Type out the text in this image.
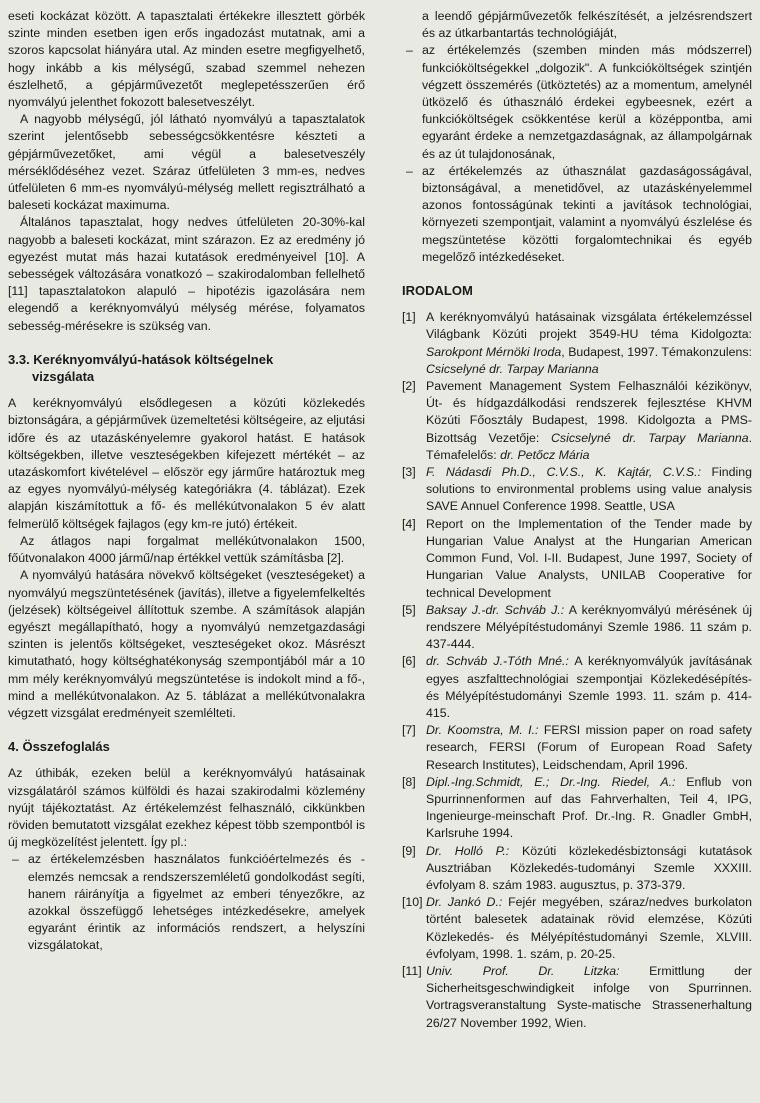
eseti kockázat között. A tapasztalati értékekre illesztett görbék szinte minden esetben igen erős ingadozást mutatnak, ami a szoros kapcsolat hiányára utal. Az minden esetre megfigyelhető, hogy inkább a kis mélységű, szabad szemmel nehezen észlelhető, a gépjárművezetőt meglepetésszerűen érő nyomvályú jelenthet fokozott balesetveszélyt.

A nagyobb mélységű, jól látható nyomvályú a tapasztalatok szerint jelentősebb sebességcsökkentésre készteti a gépjárművezetőket, ami végül a balesetveszély mérséklődéséhez vezet. Száraz útfelületen 3 mm-es, nedves útfelületen 6 mm-es nyomvályú-mélység mellett regisztrálható a baleseti kockázat maximuma.

Általános tapasztalat, hogy nedves útfelületen 20-30%-kal nagyobb a baleseti kockázat, mint szárazon. Ez az eredmény jó egyezést mutat más hazai kutatások eredményeivel [10]. A sebességek változására vonatkozó – szakirodalomban fellelhető [11] tapasztalatokon alapuló – hipotézis igazolására nem elegendő a keréknyomvályú mélység mérése, folyamatos sebesség-mérésekre is szükség van.

3.3. Keréknyomvályú-hatások költségelnek
vizsgálata

A keréknyomvályú elsődlegesen a közúti közlekedés biztonságára, a gépjárművek üzemeltetési költségeire, az eljutási időre és az utazáskényelemre gyakorol hatást. E hatások költségekben, illetve veszteségekben kifejezett mértékét – az utazáskomfort kivételével – először egy járműre határoztuk meg az egyes nyomvályú-mélység kategóriákra (4. táblázat). Ezek alapján kiszámítottuk a fő- és mellékútvonalakon 5 év alatt felmerülő költségek fajlagos (egy km-re jutó) értékeit.

Az átlagos napi forgalmat mellékútvonalakon 1500, főútvonalakon 4000 jármű/nap értékkel vettük számításba [2].

A nyomvályú hatására növekvő költségeket (veszteségeket) a nyomvályú megszüntetésének (javítás), illetve a figyelemfelkeltés (jelzések) költségeivel állítottuk szembe. A számítások alapján egyészt megállapítható, hogy a nyomvályú nemzetgazdasági szinten is jelentős költségeket, veszteségeket okoz. Másrészt kimutatható, hogy költséghatékonyság szempontjából már a 10 mm mély keréknyomvályú megszüntetése is indokolt mind a fő-, mind a mellékútvonalakon. Az 5. táblázat a mellékútvonalakra végzett vizsgálat eredményeit szemlélteti.

4. Összefoglalás

Az úthibák, ezeken belül a keréknyomvályú hatásainak vizsgálatáról számos külföldi és hazai szakirodalmi közlemény nyújt tájékoztatást. Az értékelemzést felhasználó, cikkünkben röviden bemutatott vizsgálat ezekhez képest több szempontból is új megközelítést jelentett. Így pl.:

– az értékelemzésben használatos funkcióértelmezés és -elemzés nemcsak a rendszerszemléletű gondolkodást segíti, hanem ráirányítja a figyelmet az emberi tényezőkre, az azokkal összefüggő lehetséges intézkedésekre, amelyek egyaránt érintik az információs rendszert, a helyszíni vizsgálatokat,
a leendő gépjárművezetők felkészítését, a jelzésrendszert és az útkarbantartás technológiáját,
– az értékelemzés (szemben minden más módszerrel) funkcióköltségekkel „dolgozik". A funkcióköltségek szintjén végzett összemérés (ütköztetés) az a momentum, amelynél ütközelő és úthasználó érdekei egybeesnek, ezért a funkcióköltségek csökkentése kerül a középpontba, ami egyaránt érdeke a nemzetgazdaságnak, az állampolgárnak és az út tulajdonosának,
– az értékelemzés az úthasználat gazdaságosságával, biztonságával, a menetidővel, az utazáskényelemmel azonos fontosságúnak tekinti a javítások technológiai, környezeti szempontjait, valamint a nyomvályú észlelése és megszüntetése közötti forgalomtechnikai és egyéb megelőző intézkedéseket.
IRODALOM
[1] A keréknyomvályú hatásainak vizsgálata értékelemzéssel Világbank Közúti projekt 3549-HU téma Kidolgozta: Sarokpont Mérnöki Iroda, Budapest, 1997. Témakonzulens: Csicselyné dr. Tarpay Marianna
[2] Pavement Management System Felhasználói kézikönyv, Út- és hídgazdálkodási rendszerek fejlesztése KHVM Közúti Főosztály Budapest, 1998. Kidolgozta a PMS-Bizottság Vezetője: Csicselyné dr. Tarpay Marianna. Témafelelős: dr. Petőcz Mária
[3] F. Nádasdi Ph.D., C.V.S., K. Kajtár, C.V.S.: Finding solutions to environmental problems using value analysis SAVE Annuel Conference 1998. Seattle, USA
[4] Report on the Implementation of the Tender made by Hungarian Value Analyst at the Hungarian American Common Fund, Vol. I-II. Budapest, June 1997, Society of Hungarian Value Analysts, UNILAB Cooperative for technical Development
[5] Baksay J.-dr. Schváb J.: A keréknyomvályú mérésének új rendszere Mélyépítéstudományi Szemle 1986. 11 szám p. 437-444.
[6] dr. Schváb J.-Tóth Mné.: A keréknyomvályúk javításának egyes aszfalttechnológiai szempontjai Közlekedésépítés- és Mélyépítéstudományi Szemle 1993. 11. szám p. 414-415.
[7] Dr. Koomstra, M. I.: FERSI mission paper on road safety research, FERSI (Forum of European Road Safety Research Institutes), Leidschendam, April 1996.
[8] Dipl.-Ing.Schmidt, E.; Dr.-Ing. Riedel, A.: Enflub von Spurrinnenformen auf das Fahrverhalten, Teil 4, IPG, Ingenieurge-meinschaft Prof. Dr.-Ing. R. Gnadler GmbH, Karlsruhe 1994.
[9] Dr. Holló P.: Közúti közlekedésbiztonsági kutatások Ausztriában Közlekedés-tudományi Szemle XXXIII. évfolyam 8. szám 1983. augusztus, p. 373-379.
[10] Dr. Jankó D.: Fejér megyében, száraz/nedves burkolaton történt balesetek adatainak rövid elemzése, Közúti Közlekedés- és Mélyépítéstudományi Szemle, XLVIII. évfolyam, 1998. 1. szám, p. 20-25.
[11] Univ. Prof. Dr. Litzka: Ermittlung der Sicherheitsgeschwindigkeit infolge von Spurrinnen. Vortragsveranstaltung Syste-matische Strassenerhaltung 26/27 November 1992, Wien.
